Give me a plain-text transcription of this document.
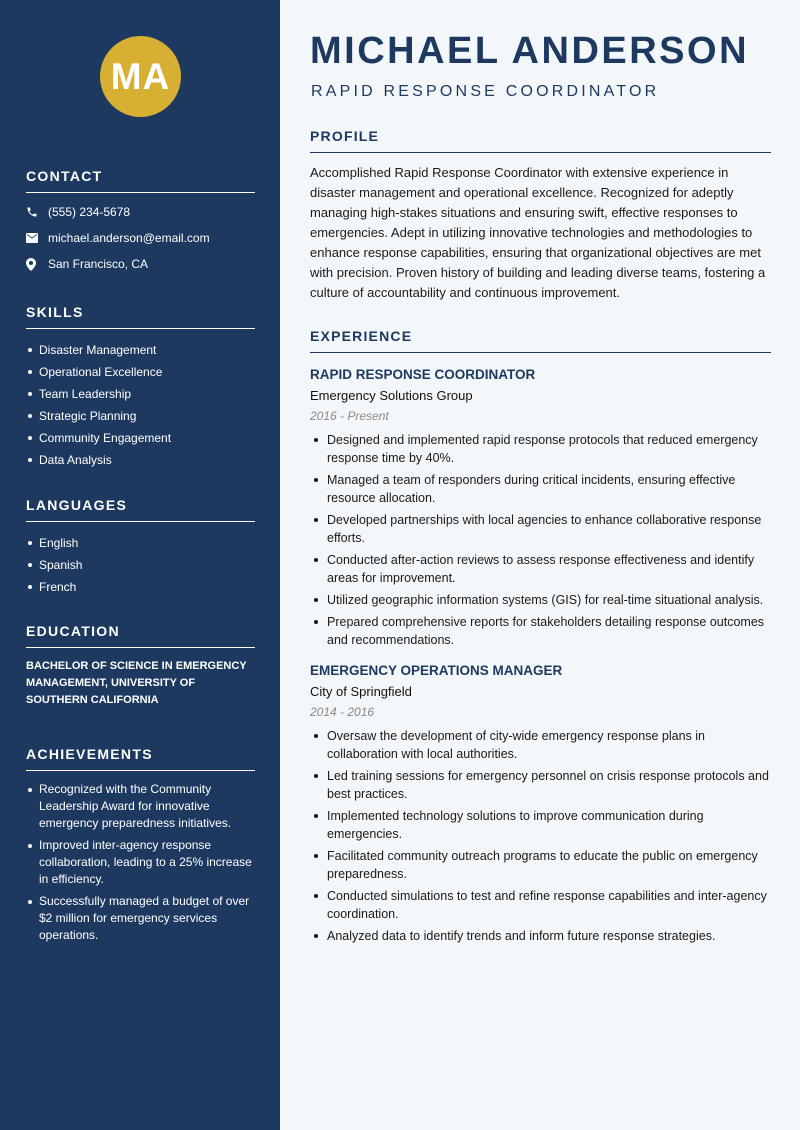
MA
CONTACT
(555) 234-5678
michael.anderson@email.com
San Francisco, CA
SKILLS
Disaster Management
Operational Excellence
Team Leadership
Strategic Planning
Community Engagement
Data Analysis
LANGUAGES
English
Spanish
French
EDUCATION
BACHELOR OF SCIENCE IN EMERGENCY MANAGEMENT, UNIVERSITY OF SOUTHERN CALIFORNIA
ACHIEVEMENTS
Recognized with the Community Leadership Award for innovative emergency preparedness initiatives.
Improved inter-agency response collaboration, leading to a 25% increase in efficiency.
Successfully managed a budget of over $2 million for emergency services operations.
MICHAEL ANDERSON
RAPID RESPONSE COORDINATOR
PROFILE
Accomplished Rapid Response Coordinator with extensive experience in disaster management and operational excellence. Recognized for adeptly managing high-stakes situations and ensuring swift, effective responses to emergencies. Adept in utilizing innovative technologies and methodologies to enhance response capabilities, ensuring that organizational objectives are met with precision. Proven history of building and leading diverse teams, fostering a culture of accountability and continuous improvement.
EXPERIENCE
RAPID RESPONSE COORDINATOR
Emergency Solutions Group
2016 - Present
Designed and implemented rapid response protocols that reduced emergency response time by 40%.
Managed a team of responders during critical incidents, ensuring effective resource allocation.
Developed partnerships with local agencies to enhance collaborative response efforts.
Conducted after-action reviews to assess response effectiveness and identify areas for improvement.
Utilized geographic information systems (GIS) for real-time situational analysis.
Prepared comprehensive reports for stakeholders detailing response outcomes and recommendations.
EMERGENCY OPERATIONS MANAGER
City of Springfield
2014 - 2016
Oversaw the development of city-wide emergency response plans in collaboration with local authorities.
Led training sessions for emergency personnel on crisis response protocols and best practices.
Implemented technology solutions to improve communication during emergencies.
Facilitated community outreach programs to educate the public on emergency preparedness.
Conducted simulations to test and refine response capabilities and inter-agency coordination.
Analyzed data to identify trends and inform future response strategies.
